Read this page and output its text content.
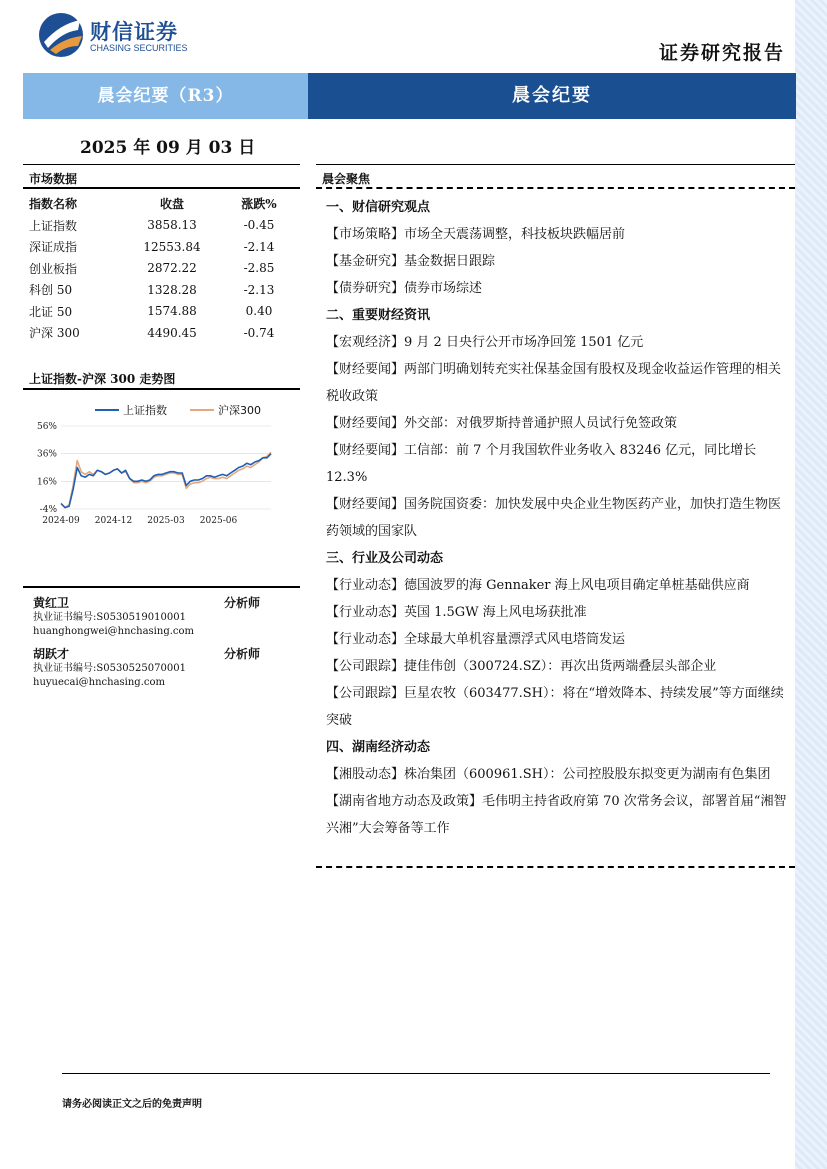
财信证券
CHASING SECURITIES	证券研究报告
晨会纪要（R3）	晨会纪要
2025 年 09 月 03 日
市场数据
指数名称	收盘	涨跌%
上证指数	3858.13	-0.45
深证成指	12553.84	-2.14
创业板指	2872.22	-2.85
科创 50	1328.28	-2.13
北证 50	1574.88	0.40
沪深 300	4490.45	-0.74
上证指数-沪深 300 走势图
56%
36%
16%
-4%
2024-09 2024-12 2025-03 2025-06
上证指数	沪深300
黄红卫	分析师
执业证书编号:S0530519010001
huanghongwei@hnchasing.com
胡跃才	分析师
执业证书编号:S0530525070001
huyuecai@hnchasing.com
晨会聚焦
一、财信研究观点
【市场策略】市场全天震荡调整，科技板块跌幅居前
【基金研究】基金数据日跟踪
【债券研究】债券市场综述
二、重要财经资讯
【宏观经济】9 月 2 日央行公开市场净回笼 1501 亿元
【财经要闻】两部门明确划转充实社保基金国有股权及现金收益运作管理的相关税收政策
【财经要闻】外交部：对俄罗斯持普通护照人员试行免签政策
【财经要闻】工信部：前 7 个月我国软件业务收入 83246 亿元，同比增长 12.3%
【财经要闻】国务院国资委：加快发展中央企业生物医药产业，加快打造生物医药领域的国家队
三、行业及公司动态
【行业动态】德国波罗的海 Gennaker 海上风电项目确定单桩基础供应商
【行业动态】英国 1.5GW 海上风电场获批准
【行业动态】全球最大单机容量漂浮式风电塔筒发运
【公司跟踪】捷佳伟创（300724.SZ）：再次出货两端叠层头部企业
【公司跟踪】巨星农牧（603477.SH）：将在“增效降本、持续发展”等方面继续突破
四、湖南经济动态
【湘股动态】株冶集团（600961.SH）：公司控股股东拟变更为湖南有色集团
【湖南省地方动态及政策】毛伟明主持省政府第 70 次常务会议，部署首届“湘智兴湘”大会筹备等工作
请务必阅读正文之后的免责声明
